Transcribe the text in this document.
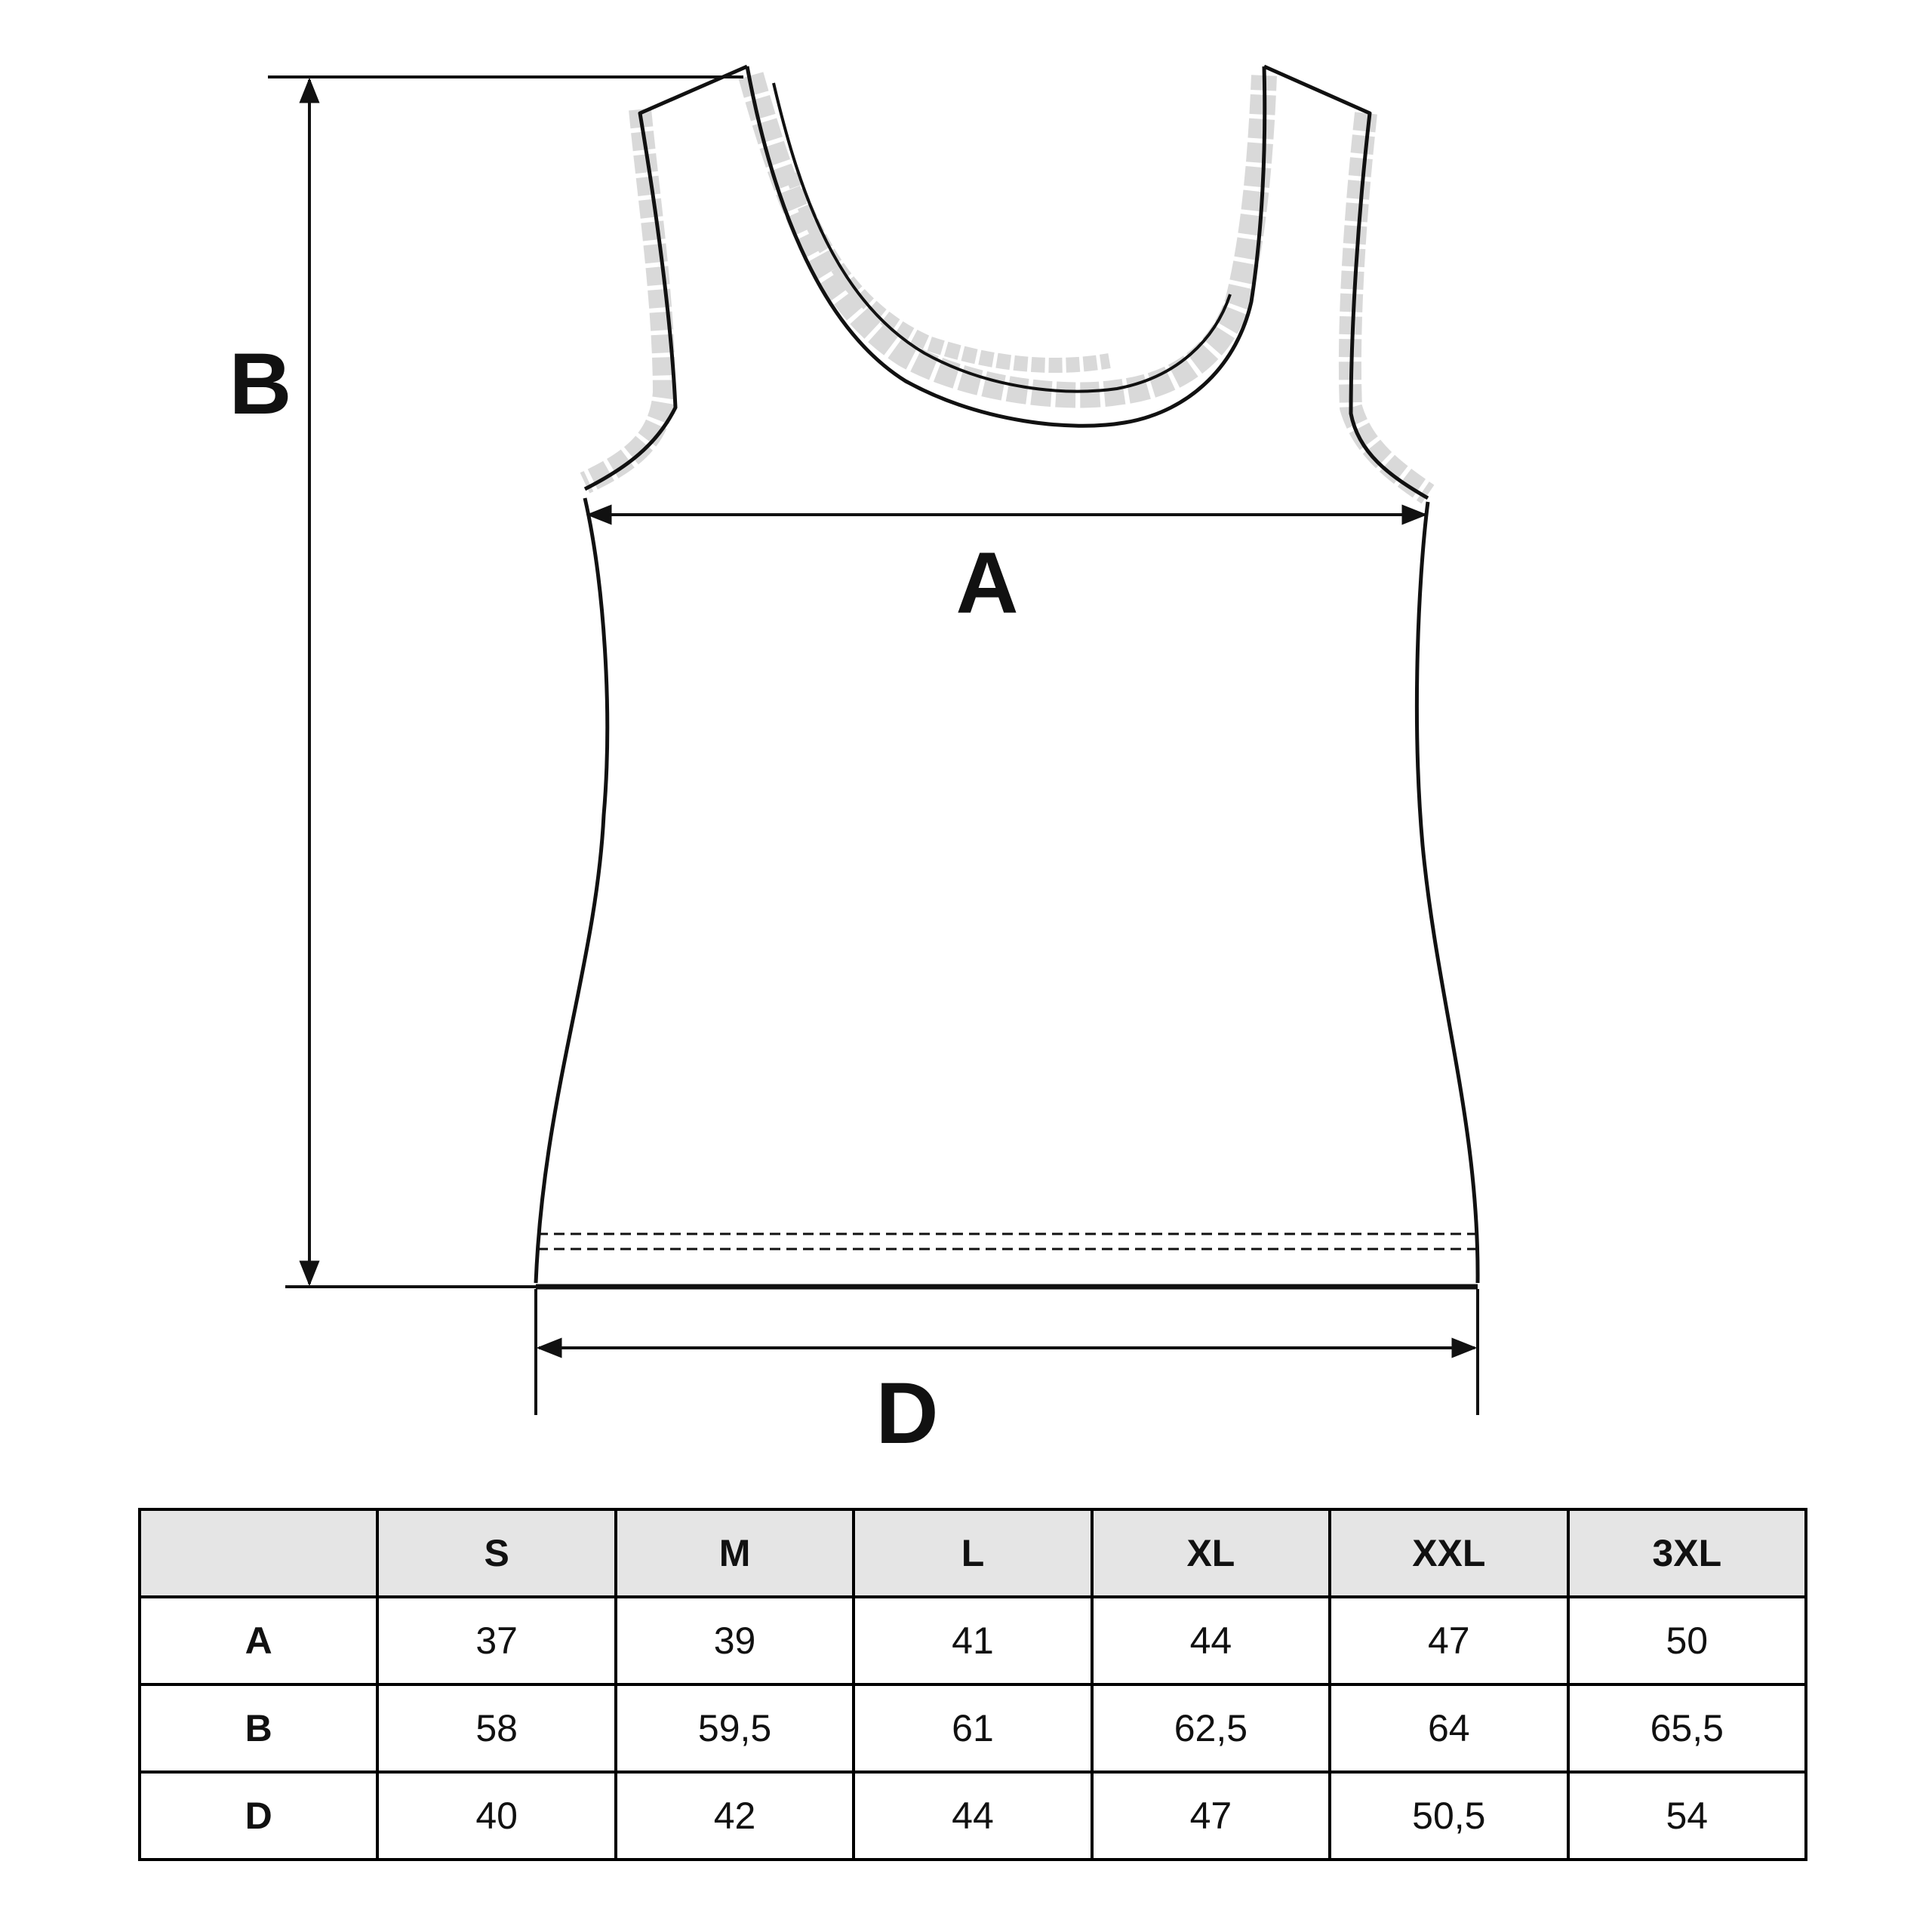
B
A
D
	S	M	L	XL	XXL	3XL
A	37	39	41	44	47	50
B	58	59,5	61	62,5	64	65,5
D	40	42	44	47	50,5	54
